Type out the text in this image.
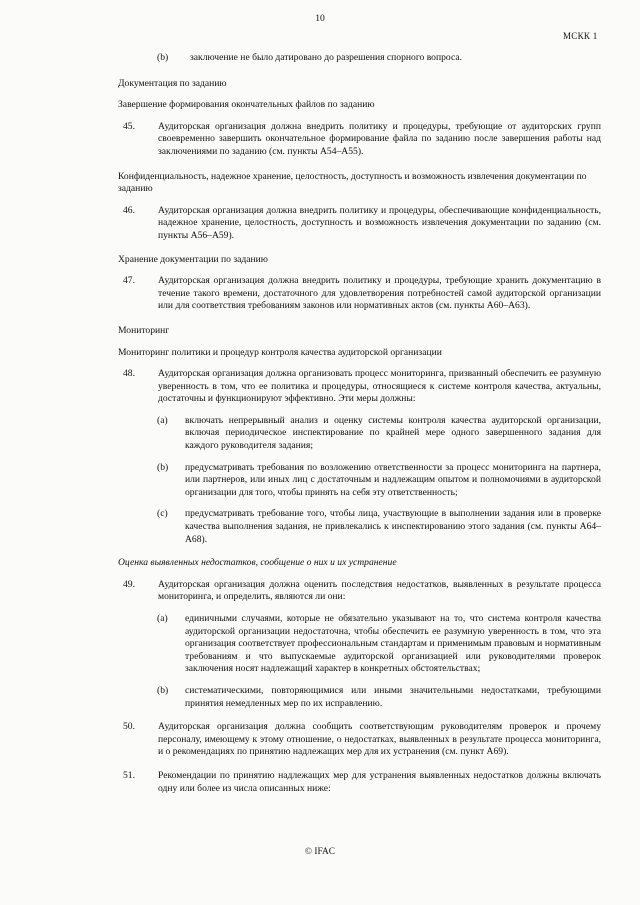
10
МСКК 1
(b) заключение не было датировано до разрешения спорного вопроса.
Документация по заданию
Завершение формирования окончательных файлов по заданию
45. Аудиторская организация должна внедрить политику и процедуры, требующие от аудиторских групп своевременно завершить окончательное формирование файла по заданию после завершения работы над заключениями по заданию (см. пункты А54–А55).
Конфиденциальность, надежное хранение, целостность, доступность и возможность извлечения документации по заданию
46. Аудиторская организация должна внедрить политику и процедуры, обеспечивающие конфиденциальность, надежное хранение, целостность, доступность и возможность извлечения документации по заданию (см. пункты А56–А59).
Хранение документации по заданию
47. Аудиторская организация должна внедрить политику и процедуры, требующие хранить документацию в течение такого времени, достаточного для удовлетворения потребностей самой аудиторской организации или для соответствия требованиям законов или нормативных актов (см. пункты А60–А63).
Мониторинг
Мониторинг политики и процедур контроля качества аудиторской организации
48. Аудиторская организация должна организовать процесс мониторинга, призванный обеспечить ее разумную уверенность в том, что ее политика и процедуры, относящиеся к системе контроля качества, актуальны, достаточны и функционируют эффективно. Эти меры должны:
(a) включать непрерывный анализ и оценку системы контроля качества аудиторской организации, включая периодическое инспектирование по крайней мере одного завершенного задания для каждого руководителя задания;
(b) предусматривать требования по возложению ответственности за процесс мониторинга на партнера, или партнеров, или иных лиц с достаточным и надлежащим опытом и полномочиями в аудиторской организации для того, чтобы принять на себя эту ответственность;
(c) предусматривать требование того, чтобы лица, участвующие в выполнении задания или в проверке качества выполнения задания, не привлекались к инспектированию этого задания (см. пункты А64–А68).
Оценка выявленных недостатков, сообщение о них и их устранение
49. Аудиторская организация должна оценить последствия недостатков, выявленных в результате процесса мониторинга, и определить, являются ли они:
(a) единичными случаями, которые не обязательно указывают на то, что система контроля качества аудиторской организации недостаточна, чтобы обеспечить ее разумную уверенность в том, что эта организация соответствует профессиональным стандартам и применимым правовым и нормативным требованиям и что выпускаемые аудиторской организацией или руководителями проверок заключения носят надлежащий характер в конкретных обстоятельствах;
(b) систематическими, повторяющимися или иными значительными недостатками, требующими принятия немедленных мер по их исправлению.
50. Аудиторская организация должна сообщить соответствующим руководителям проверок и прочему персоналу, имеющему к этому отношение, о недостатках, выявленных в результате процесса мониторинга, и о рекомендациях по принятию надлежащих мер для их устранения (см. пункт А69).
51. Рекомендации по принятию надлежащих мер для устранения выявленных недостатков должны включать одну или более из числа описанных ниже:
© IFAC
